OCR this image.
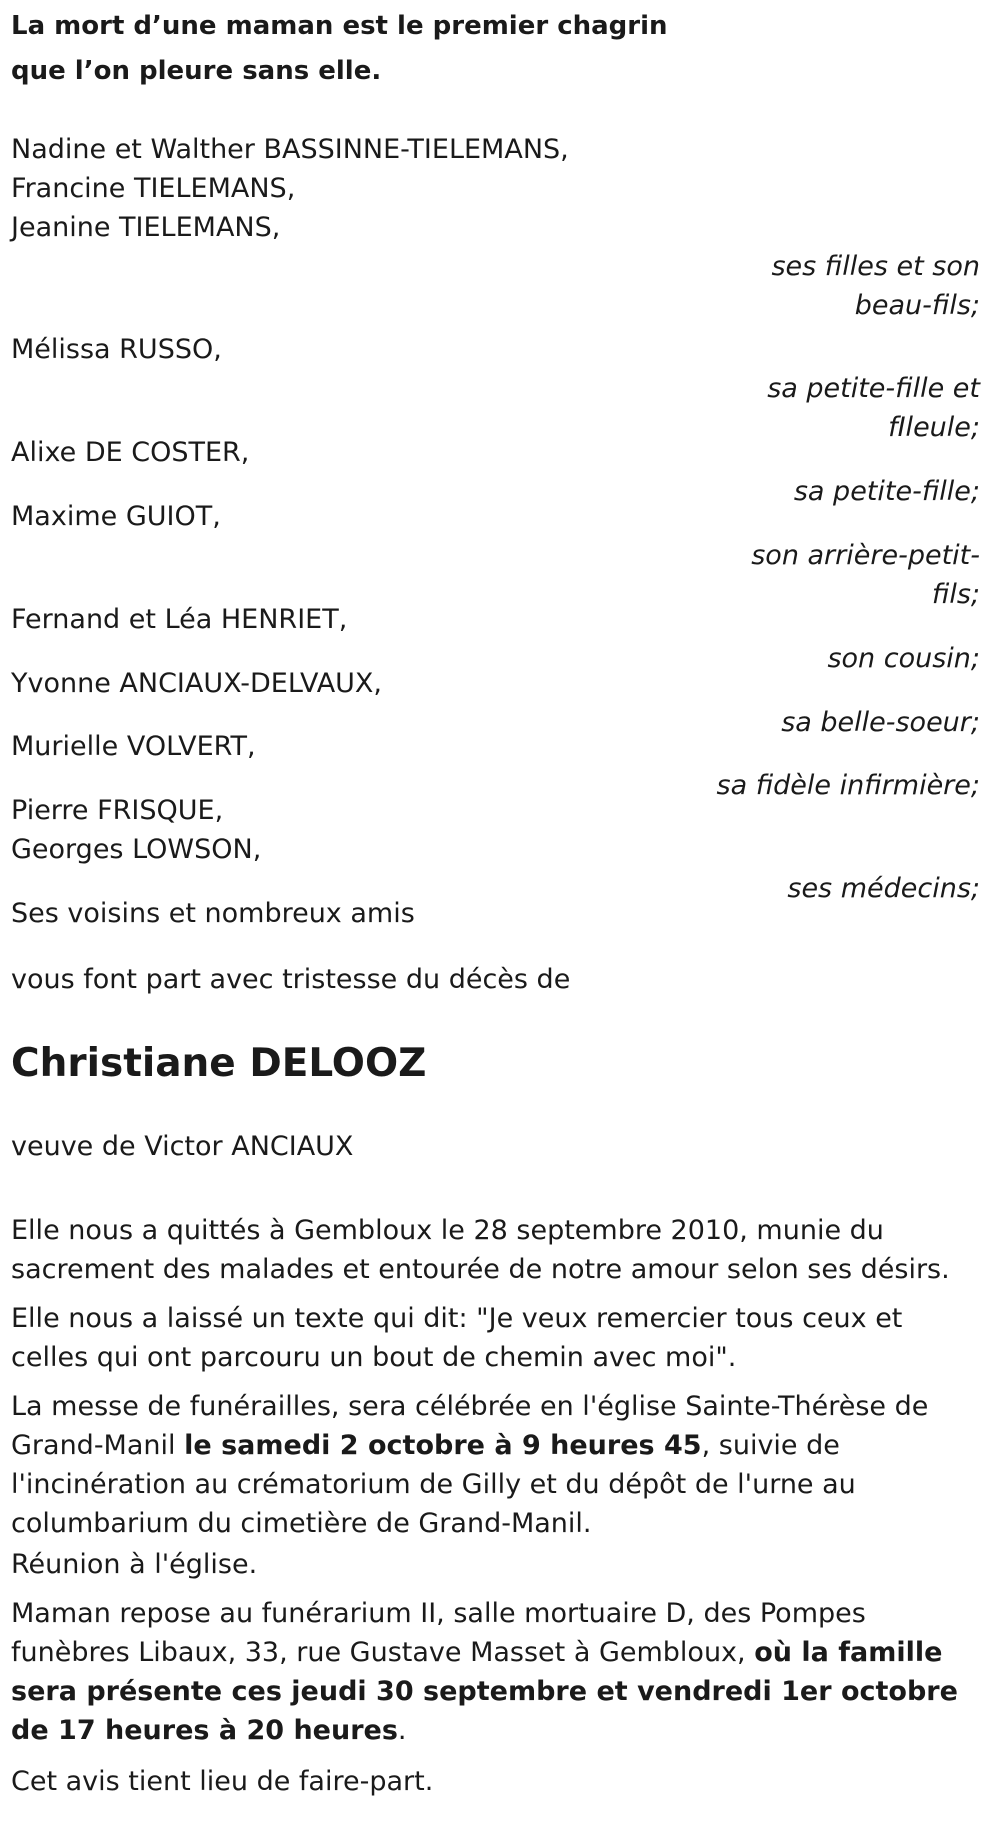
La mort d’une maman est le premier chagrin
que l’on pleure sans elle.
Nadine et Walther BASSINNE-TIELEMANS,
Francine TIELEMANS,
Jeanine TIELEMANS,
ses filles et son beau-fils;
Mélissa RUSSO,
sa petite-fille et fIleule;
Alixe DE COSTER,
sa petite-fille;
Maxime GUIOT,
son arrière-petit-fils;
Fernand et Léa HENRIET,
son cousin;
Yvonne ANCIAUX-DELVAUX,
sa belle-soeur;
Murielle VOLVERT,
sa fidèle infirmière;
Pierre FRISQUE,
Georges LOWSON,
ses médecins;
Ses voisins et nombreux amis
vous font part avec tristesse du décès de
Christiane DELOOZ
veuve de Victor ANCIAUX
Elle nous a quittés à Gembloux le 28 septembre 2010, munie du sacrement des malades et entourée de notre amour selon ses désirs.
Elle nous a laissé un texte qui dit: "Je veux remercier tous ceux et celles qui ont parcouru un bout de chemin avec moi".
La messe de funérailles, sera célébrée en l'église Sainte-Thérèse de Grand-Manil le samedi 2 octobre à 9 heures 45, suivie de l'incinération au crématorium de Gilly et du dépôt de l'urne au columbarium du cimetière de Grand-Manil.
Réunion à l'église.
Maman repose au funérarium II, salle mortuaire D, des Pompes funèbres Libaux, 33, rue Gustave Masset à Gembloux, où la famille sera présente ces jeudi 30 septembre et vendredi 1er octobre de 17 heures à 20 heures.
Cet avis tient lieu de faire-part.
